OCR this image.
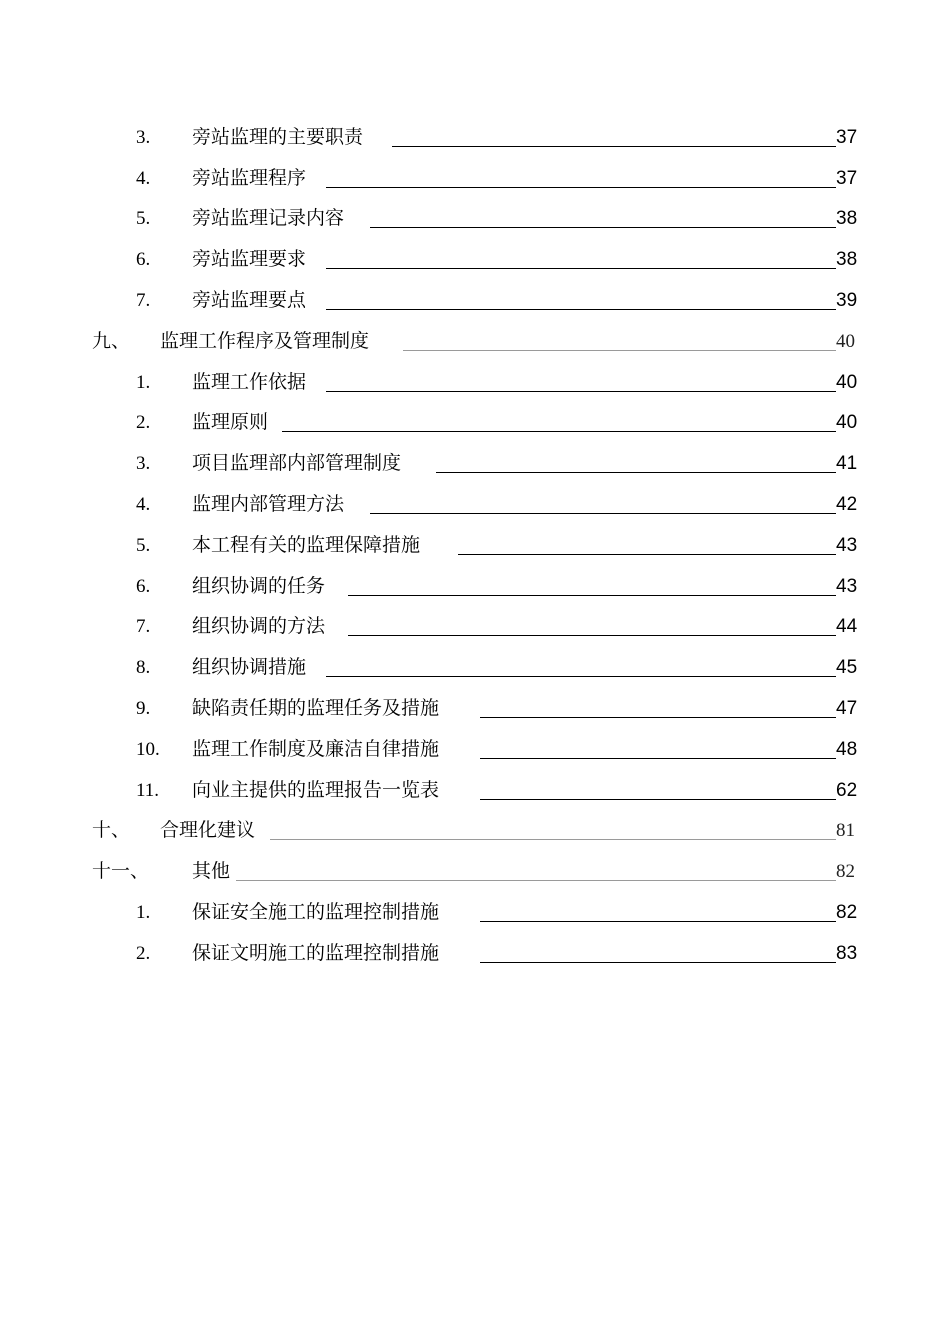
3. 旁站监理的主要职责	37
4. 旁站监理程序	37
5. 旁站监理记录内容	38
6. 旁站监理要求	38
7. 旁站监理要点	39
九、 监理工作程序及管理制度	40
1. 监理工作依据	40
2. 监理原则	40
3. 项目监理部内部管理制度	41
4. 监理内部管理方法	42
5. 本工程有关的监理保障措施	43
6. 组织协调的任务	43
7. 组织协调的方法	44
8. 组织协调措施	45
9. 缺陷责任期的监理任务及措施	47
10. 监理工作制度及廉洁自律措施	48
11. 向业主提供的监理报告一览表	62
十、 合理化建议	81
十一、 其他	82
1. 保证安全施工的监理控制措施	82
2. 保证文明施工的监理控制措施	83
